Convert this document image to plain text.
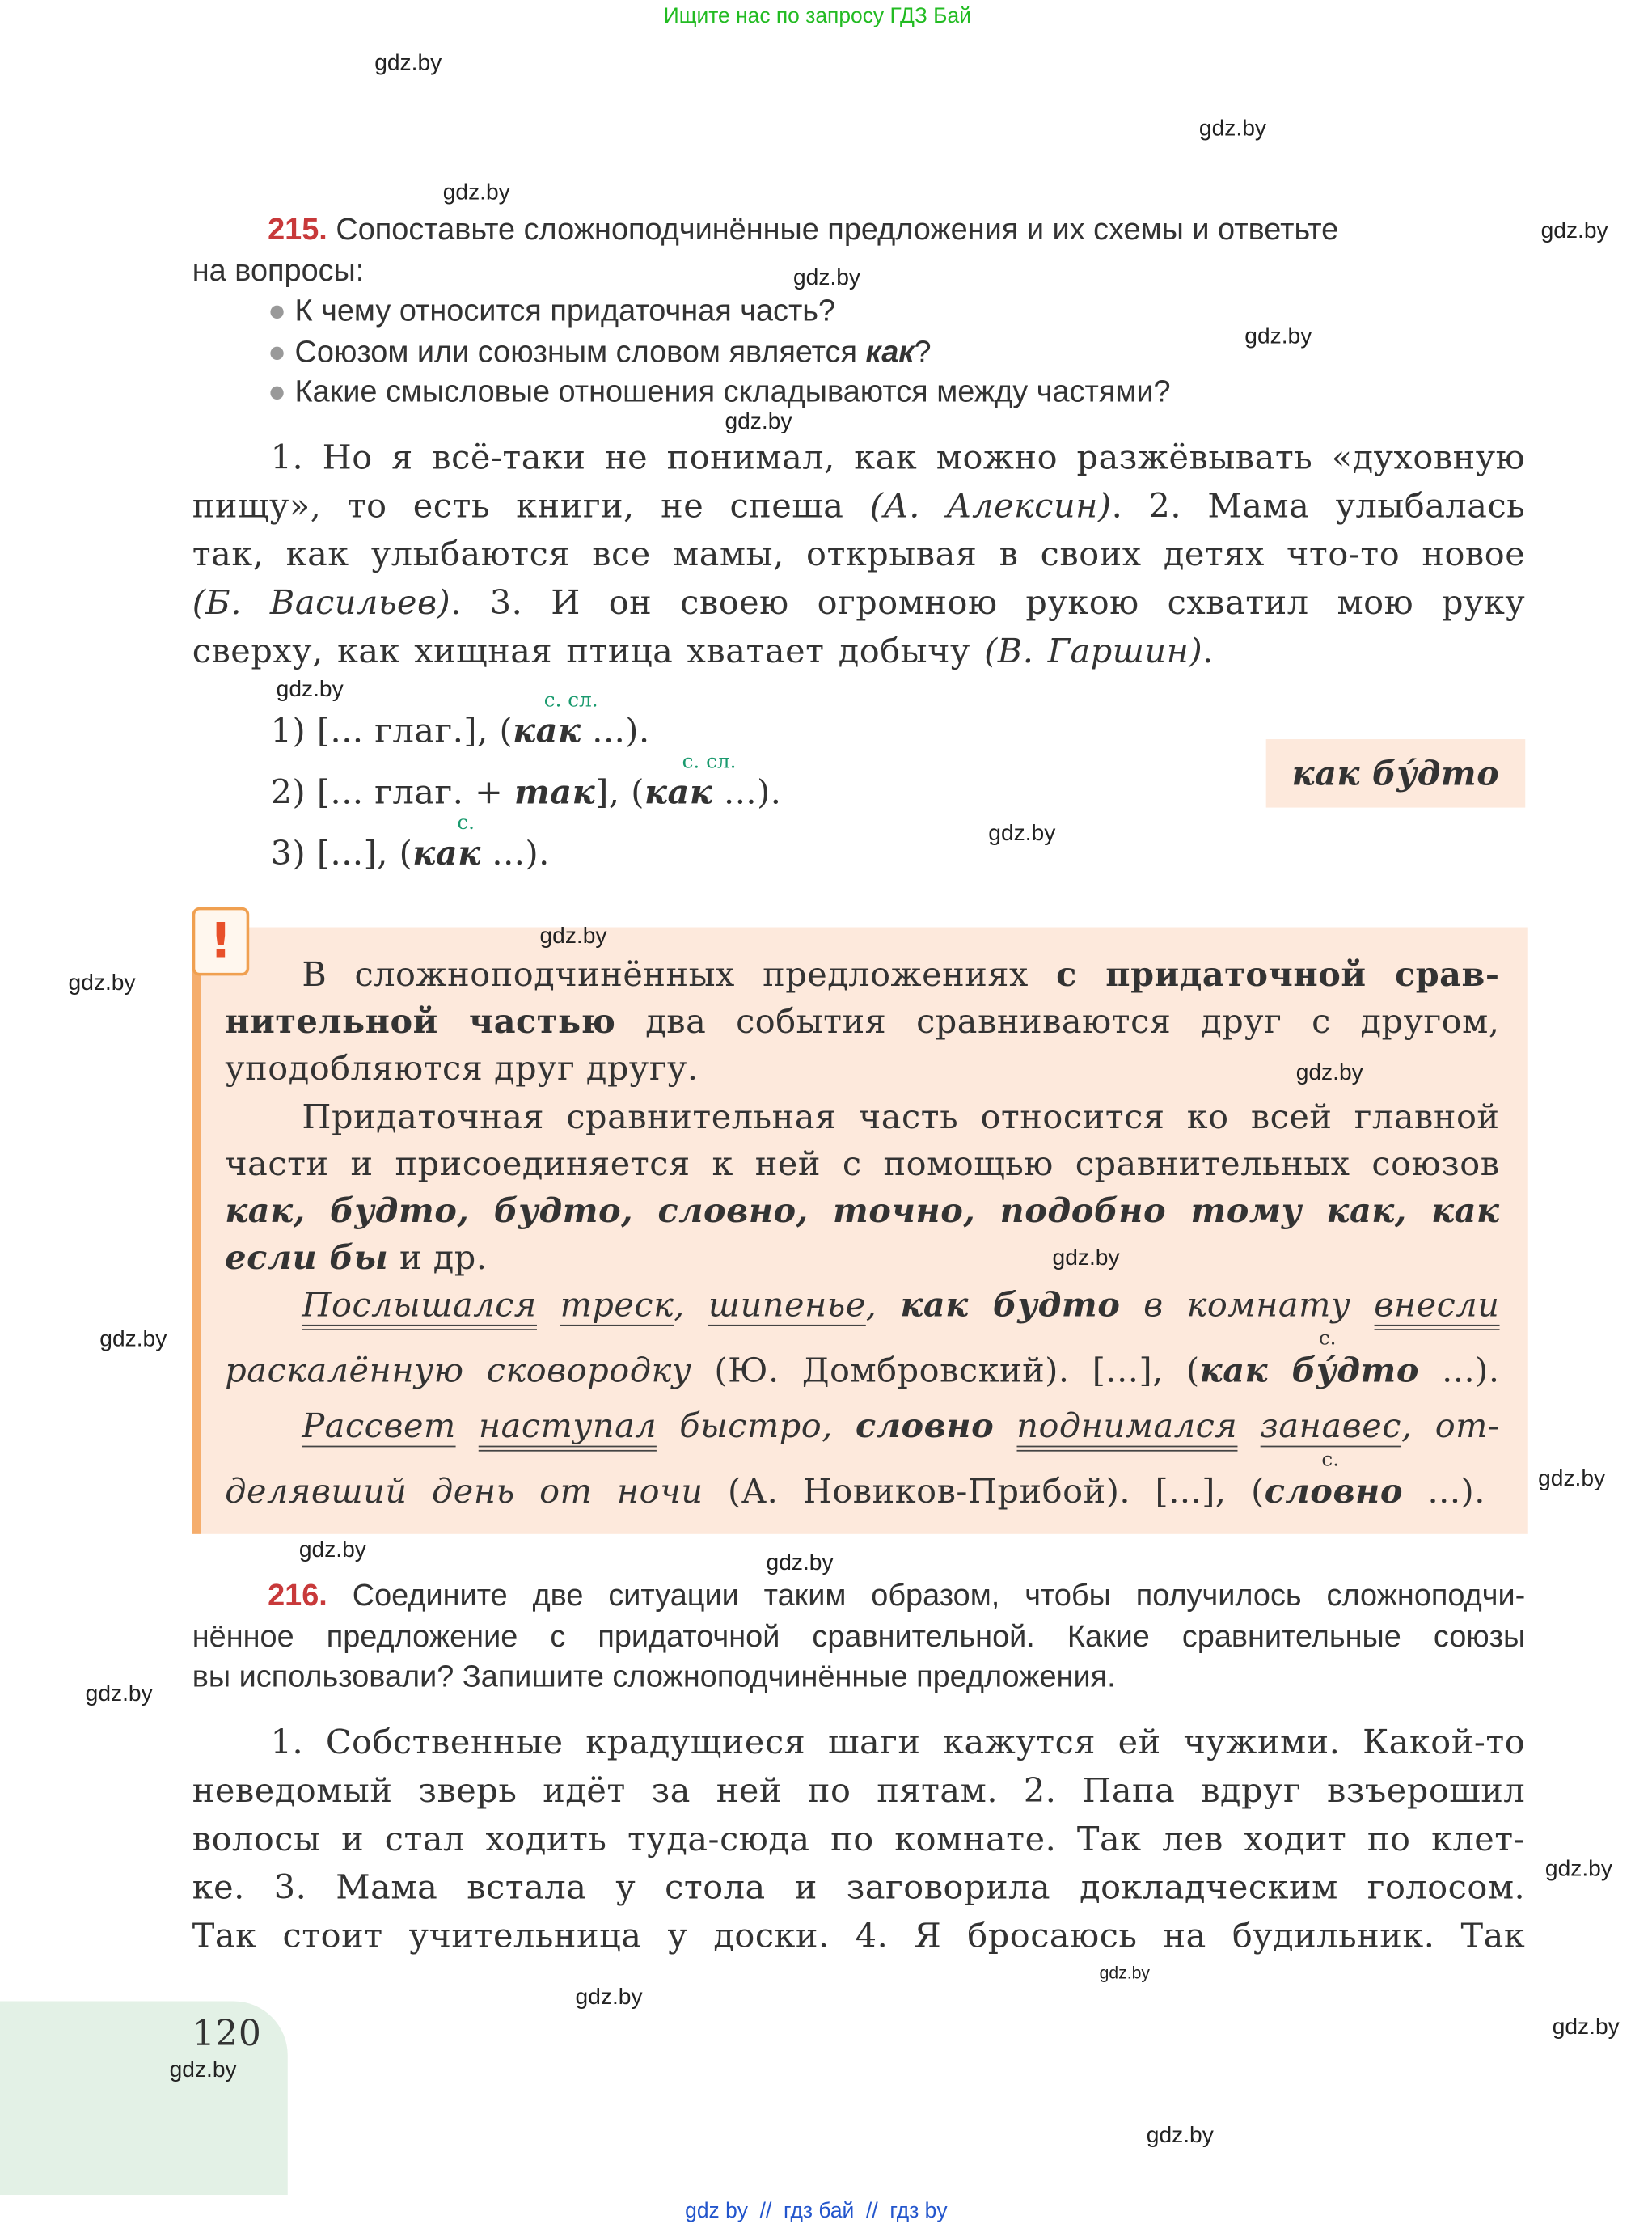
Ищите нас по запросу ГДЗ Бай
gdz.by
gdz.by
gdz.by
gdz.by
gdz.by
gdz.by
gdz.by
gdz.by
gdz.by
gdz.by
gdz.by
gdz.by
gdz.by
gdz.by
gdz.by
gdz.by
gdz.by
gdz.by
gdz.by
gdz.by
gdz.by
gdz.by
gdz.by
215. Сопоставьте сложноподчинённые предложения и их схемы и ответьте
на вопросы:
● К чему относится придаточная часть?
● Союзом или союзным словом является как?
● Какие смысловые отношения складываются между частями?
1. Но я всё-таки не понимал, как можно разжёвывать «духовную
пищу», то есть книги, не спеша (А. Алексин). 2. Мама улыбалась
так, как улыбаются все мамы, открывая в своих детях что-то новое
(Б. Васильев). 3. И он своею огромною рукою схватил мою руку
сверху, как хищная птица хватает добычу (В. Гаршин).
с. сл.
1) [... глаг.], (как ...).
с. сл.
2) [... глаг. + так], (как ...).
с.
3) [...], (как ...).
как бу́дто
!
В сложноподчинённых предложениях с придаточной срав-
нительной частью два события сравниваются друг с другом,
уподобляются друг другу.
Придаточная сравнительная часть относится ко всей главной
части и присоединяется к ней с помощью сравнительных союзов
как, будто, будто, словно, точно, подобно тому как, как
если бы и др.
Послышался треск, шипенье, как будто в комнату внесли
с.
раскалённую сковородку (Ю. Домбровский). [...], (как бу́дто ...).
Рассвет наступал быстро, словно поднимался занавес, от-
с.
делявший день от ночи (А. Новиков-Прибой). [...], (словно ...).
216. Соедините две ситуации таким образом, чтобы получилось сложноподчи-
нённое предложение с придаточной сравнительной. Какие сравнительные союзы
вы использовали? Запишите сложноподчинённые предложения.
1. Собственные крадущиеся шаги кажутся ей чужими. Какой-то
неведомый зверь идёт за ней по пятам. 2. Папа вдруг взъерошил
волосы и стал ходить туда-сюда по комнате. Так лев ходит по клет-
ке. 3. Мама встала у стола и заговорила докладческим голосом.
Так стоит учительница у доски. 4. Я бросаюсь на будильник. Так
120
gdz.by
gdz by  //  гдз бай  //  гдз by
